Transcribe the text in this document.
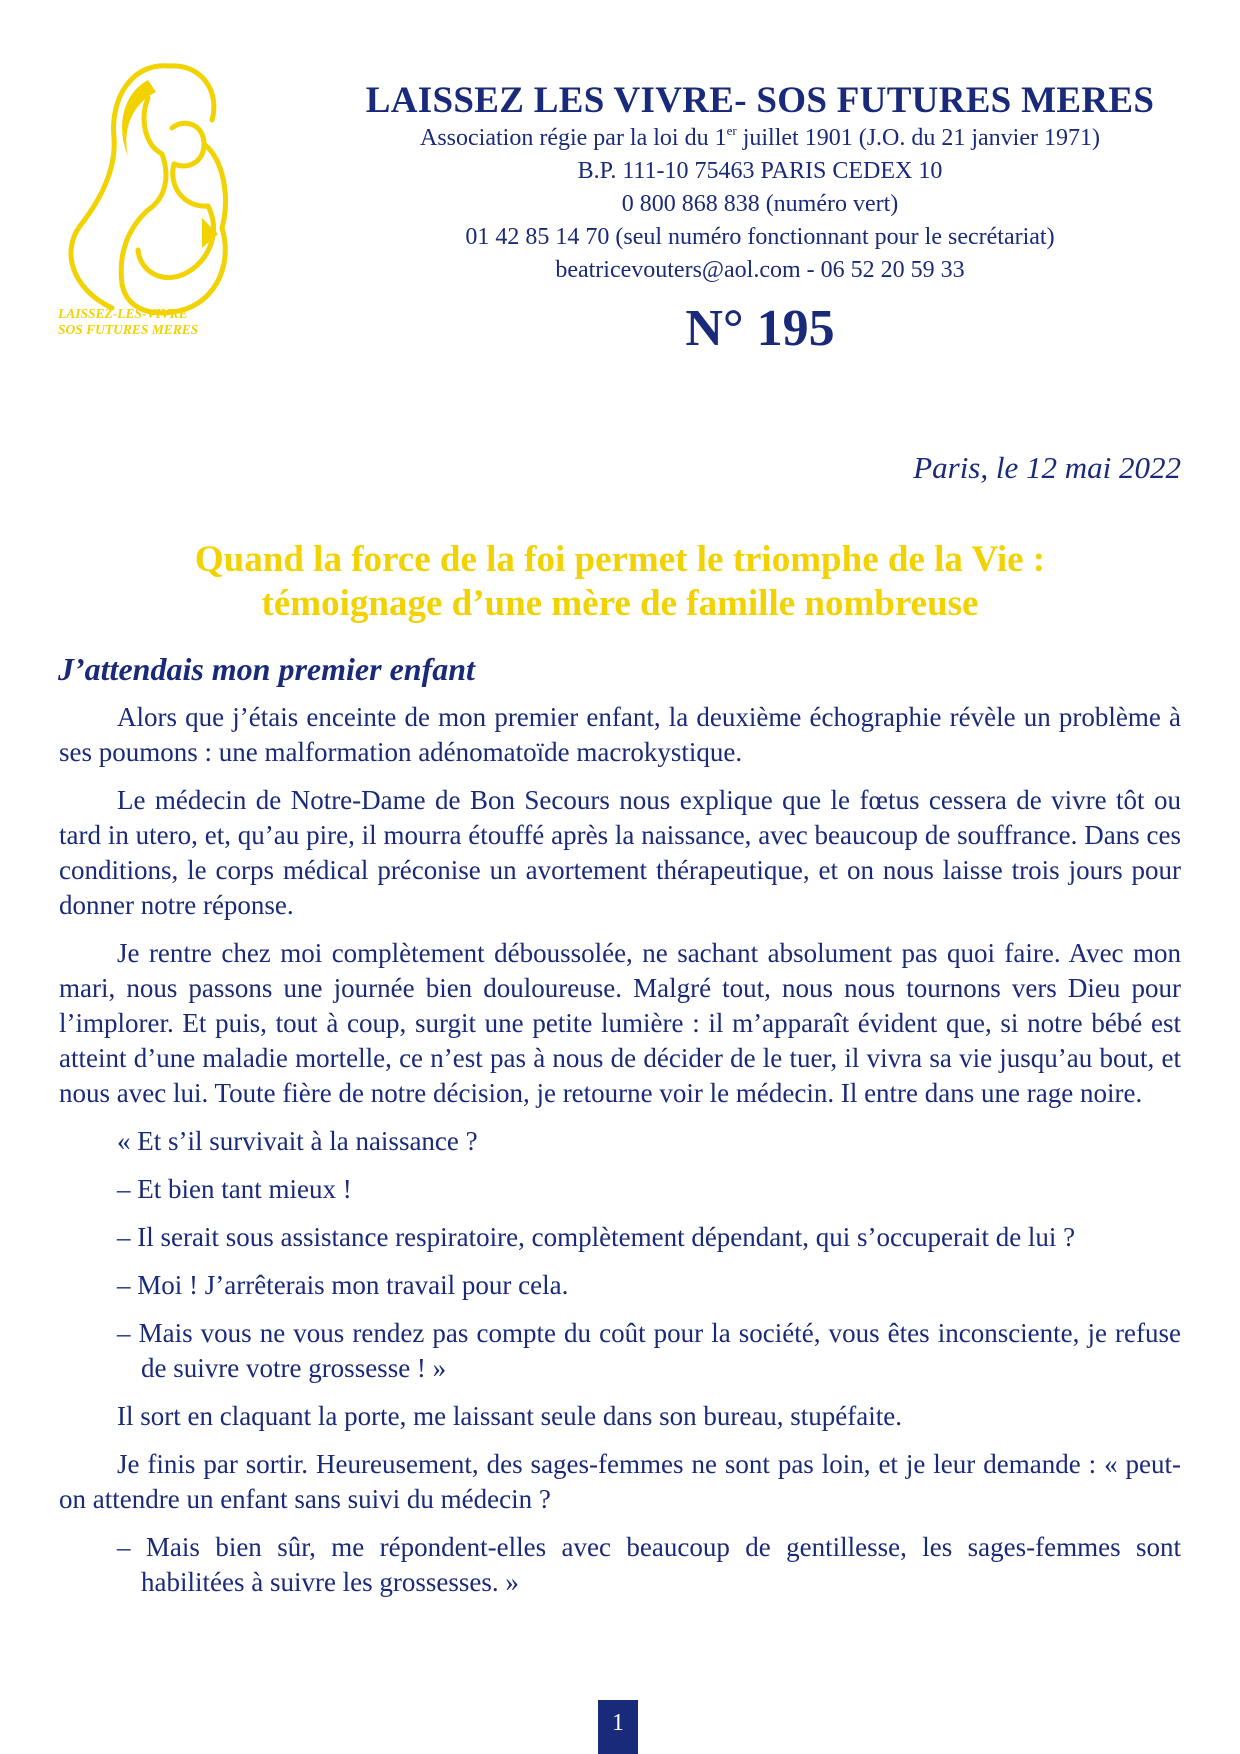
LAISSEZ-LES-VIVRE
SOS FUTURES MERES

LAISSEZ LES VIVRE- SOS FUTURES MERES

Association régie par la loi du 1er juillet 1901 (J.O. du 21 janvier 1971)

B.P. 111-10 75463 PARIS CEDEX 10

0 800 868 838 (numéro vert)

01 42 85 14 70 (seul numéro fonctionnant pour le secrétariat)

beatricevouters@aol.com - 06 52 20 59 33

N° 195
Paris, le 12 mai 2022
Quand la force de la foi permet le triomphe de la Vie :
témoignage d’une mère de famille nombreuse
J’attendais mon premier enfant

Alors que j’étais enceinte de mon premier enfant, la deuxième échographie révèle un problème à ses poumons : une malformation adénomatoïde macrokystique.

Le médecin de Notre-Dame de Bon Secours nous explique que le fœtus cessera de vivre tôt ou tard in utero, et, qu’au pire, il mourra étouffé après la naissance, avec beaucoup de souffrance. Dans ces conditions, le corps médical préconise un avortement thérapeutique, et on nous laisse trois jours pour donner notre réponse.

Je rentre chez moi complètement déboussolée, ne sachant absolument pas quoi faire. Avec mon mari, nous passons une journée bien douloureuse. Malgré tout, nous nous tournons vers Dieu pour l’implorer. Et puis, tout à coup, surgit une petite lumière : il m’apparaît évident que, si notre bébé est atteint d’une maladie mortelle, ce n’est pas à nous de décider de le tuer, il vivra sa vie jusqu’au bout, et nous avec lui. Toute fière de notre décision, je retourne voir le médecin. Il entre dans une rage noire.

« Et s’il survivait à la naissance ?

– Et bien tant mieux !

– Il serait sous assistance respiratoire, complètement dépendant, qui s’occuperait de lui ?

– Moi ! J’arrêterais mon travail pour cela.

– Mais vous ne vous rendez pas compte du coût pour la société, vous êtes inconsciente, je refuse de suivre votre grossesse ! »

Il sort en claquant la porte, me laissant seule dans son bureau, stupéfaite.

Je finis par sortir. Heureusement, des sages-femmes ne sont pas loin, et je leur demande : « peut-on attendre un enfant sans suivi du médecin ?

– Mais bien sûr, me répondent-elles avec beaucoup de gentillesse, les sages-femmes sont habilitées à suivre les grossesses. »

1
